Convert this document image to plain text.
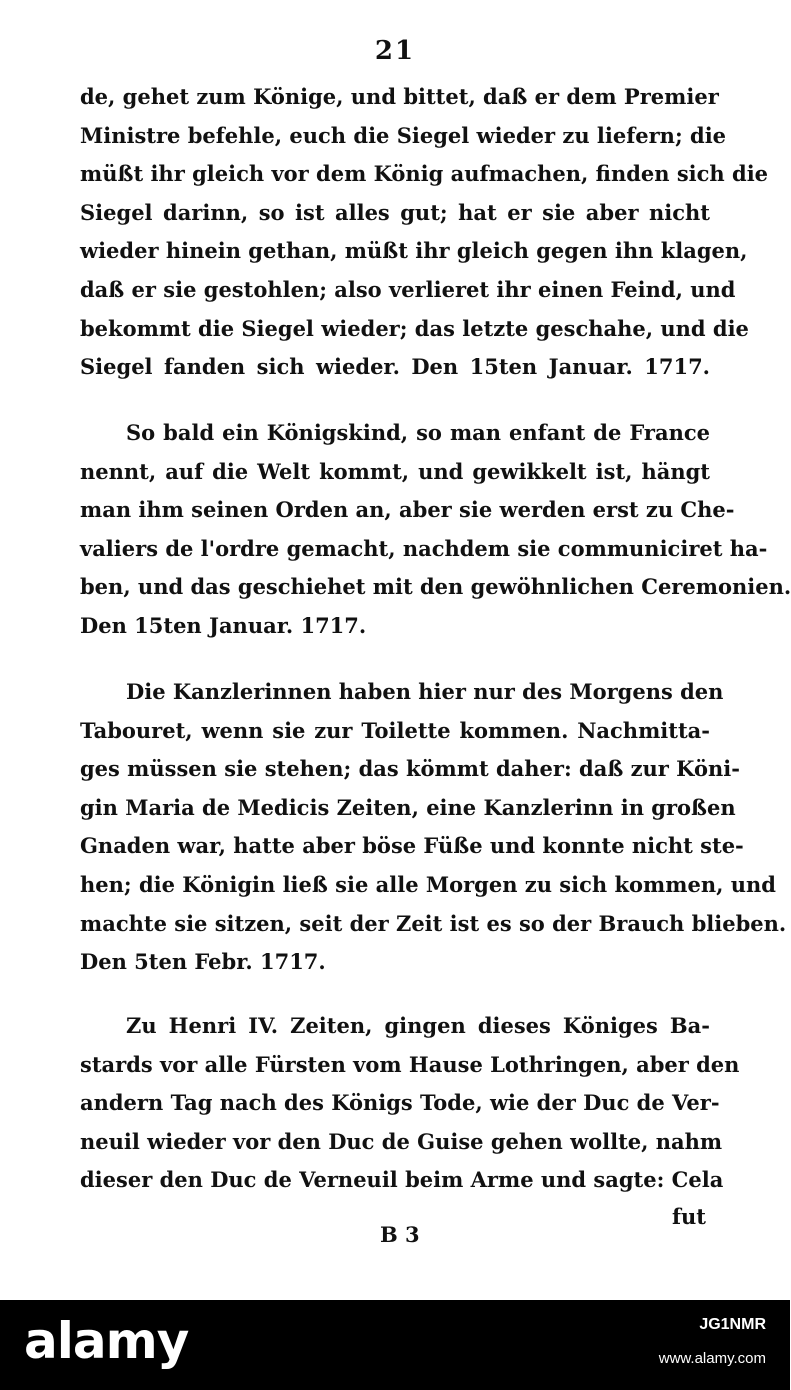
21
de, gehet zum Könige, und bittet, daß er dem Premier
Ministre befehle, euch die Siegel wieder zu liefern; die
müßt ihr gleich vor dem König aufmachen, finden sich die
Siegel darinn, so ist alles gut; hat er sie aber nicht
wieder hinein gethan, müßt ihr gleich gegen ihn klagen,
daß er sie gestohlen; also verlieret ihr einen Feind, und
bekommt die Siegel wieder; das letzte geschahe, und die
Siegel fanden sich wieder. Den 15ten Januar. 1717.
So bald ein Königskind, so man enfant de France
nennt, auf die Welt kommt, und gewikkelt ist, hängt
man ihm seinen Orden an, aber sie werden erst zu Che-
valiers de l'ordre gemacht, nachdem sie communiciret ha-
ben, und das geschiehet mit den gewöhnlichen Ceremonien.
Den 15ten Januar. 1717.
Die Kanzlerinnen haben hier nur des Morgens den
Tabouret, wenn sie zur Toilette kommen. Nachmitta-
ges müssen sie stehen; das kömmt daher: daß zur Köni-
gin Maria de Medicis Zeiten, eine Kanzlerinn in großen
Gnaden war, hatte aber böse Füße und konnte nicht ste-
hen; die Königin ließ sie alle Morgen zu sich kommen, und
machte sie sitzen, seit der Zeit ist es so der Brauch blieben.
Den 5ten Febr. 1717.
Zu Henri IV. Zeiten, gingen dieses Königes Ba-
stards vor alle Fürsten vom Hause Lothringen, aber den
andern Tag nach des Königs Tode, wie der Duc de Ver-
neuil wieder vor den Duc de Guise gehen wollte, nahm
dieser den Duc de Verneuil beim Arme und sagte: Cela
B 3
fut
alamy	JG1NMR
www.alamy.com
